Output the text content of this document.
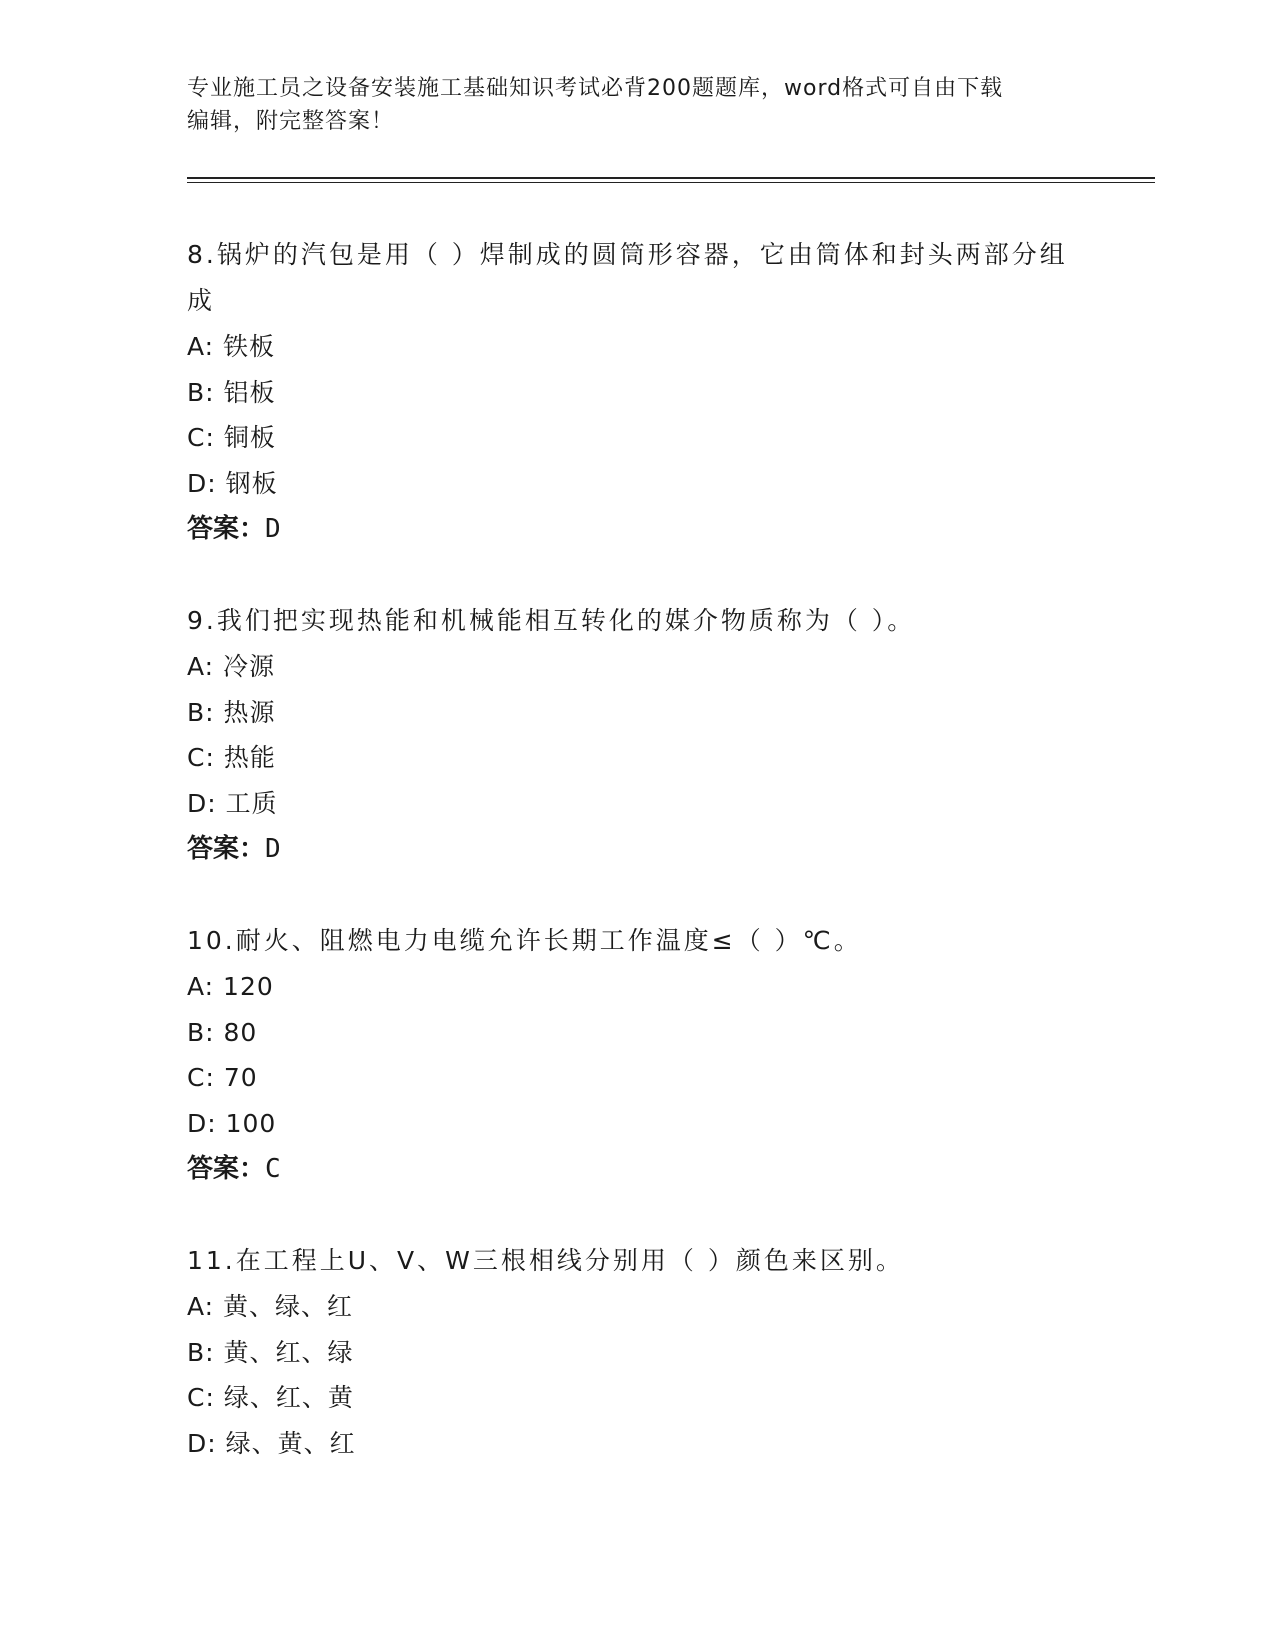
专业施工员之设备安装施工基础知识考试必背200题题库，word格式可自由下载
编辑，附完整答案！
8.锅炉的汽包是用（ ）焊制成的圆筒形容器，它由筒体和封头两部分组成
A: 铁板
B: 铝板
C: 铜板
D: 钢板
答案：D
9.我们把实现热能和机械能相互转化的媒介物质称为（ ）。
A: 冷源
B: 热源
C: 热能
D: 工质
答案：D
10.耐火、阻燃电力电缆允许长期工作温度≤（ ）℃。
A: 120
B: 80
C: 70
D: 100
答案：C
11.在工程上U、V、W三根相线分别用（ ）颜色来区别。
A: 黄、绿、红
B: 黄、红、绿
C: 绿、红、黄
D: 绿、黄、红
